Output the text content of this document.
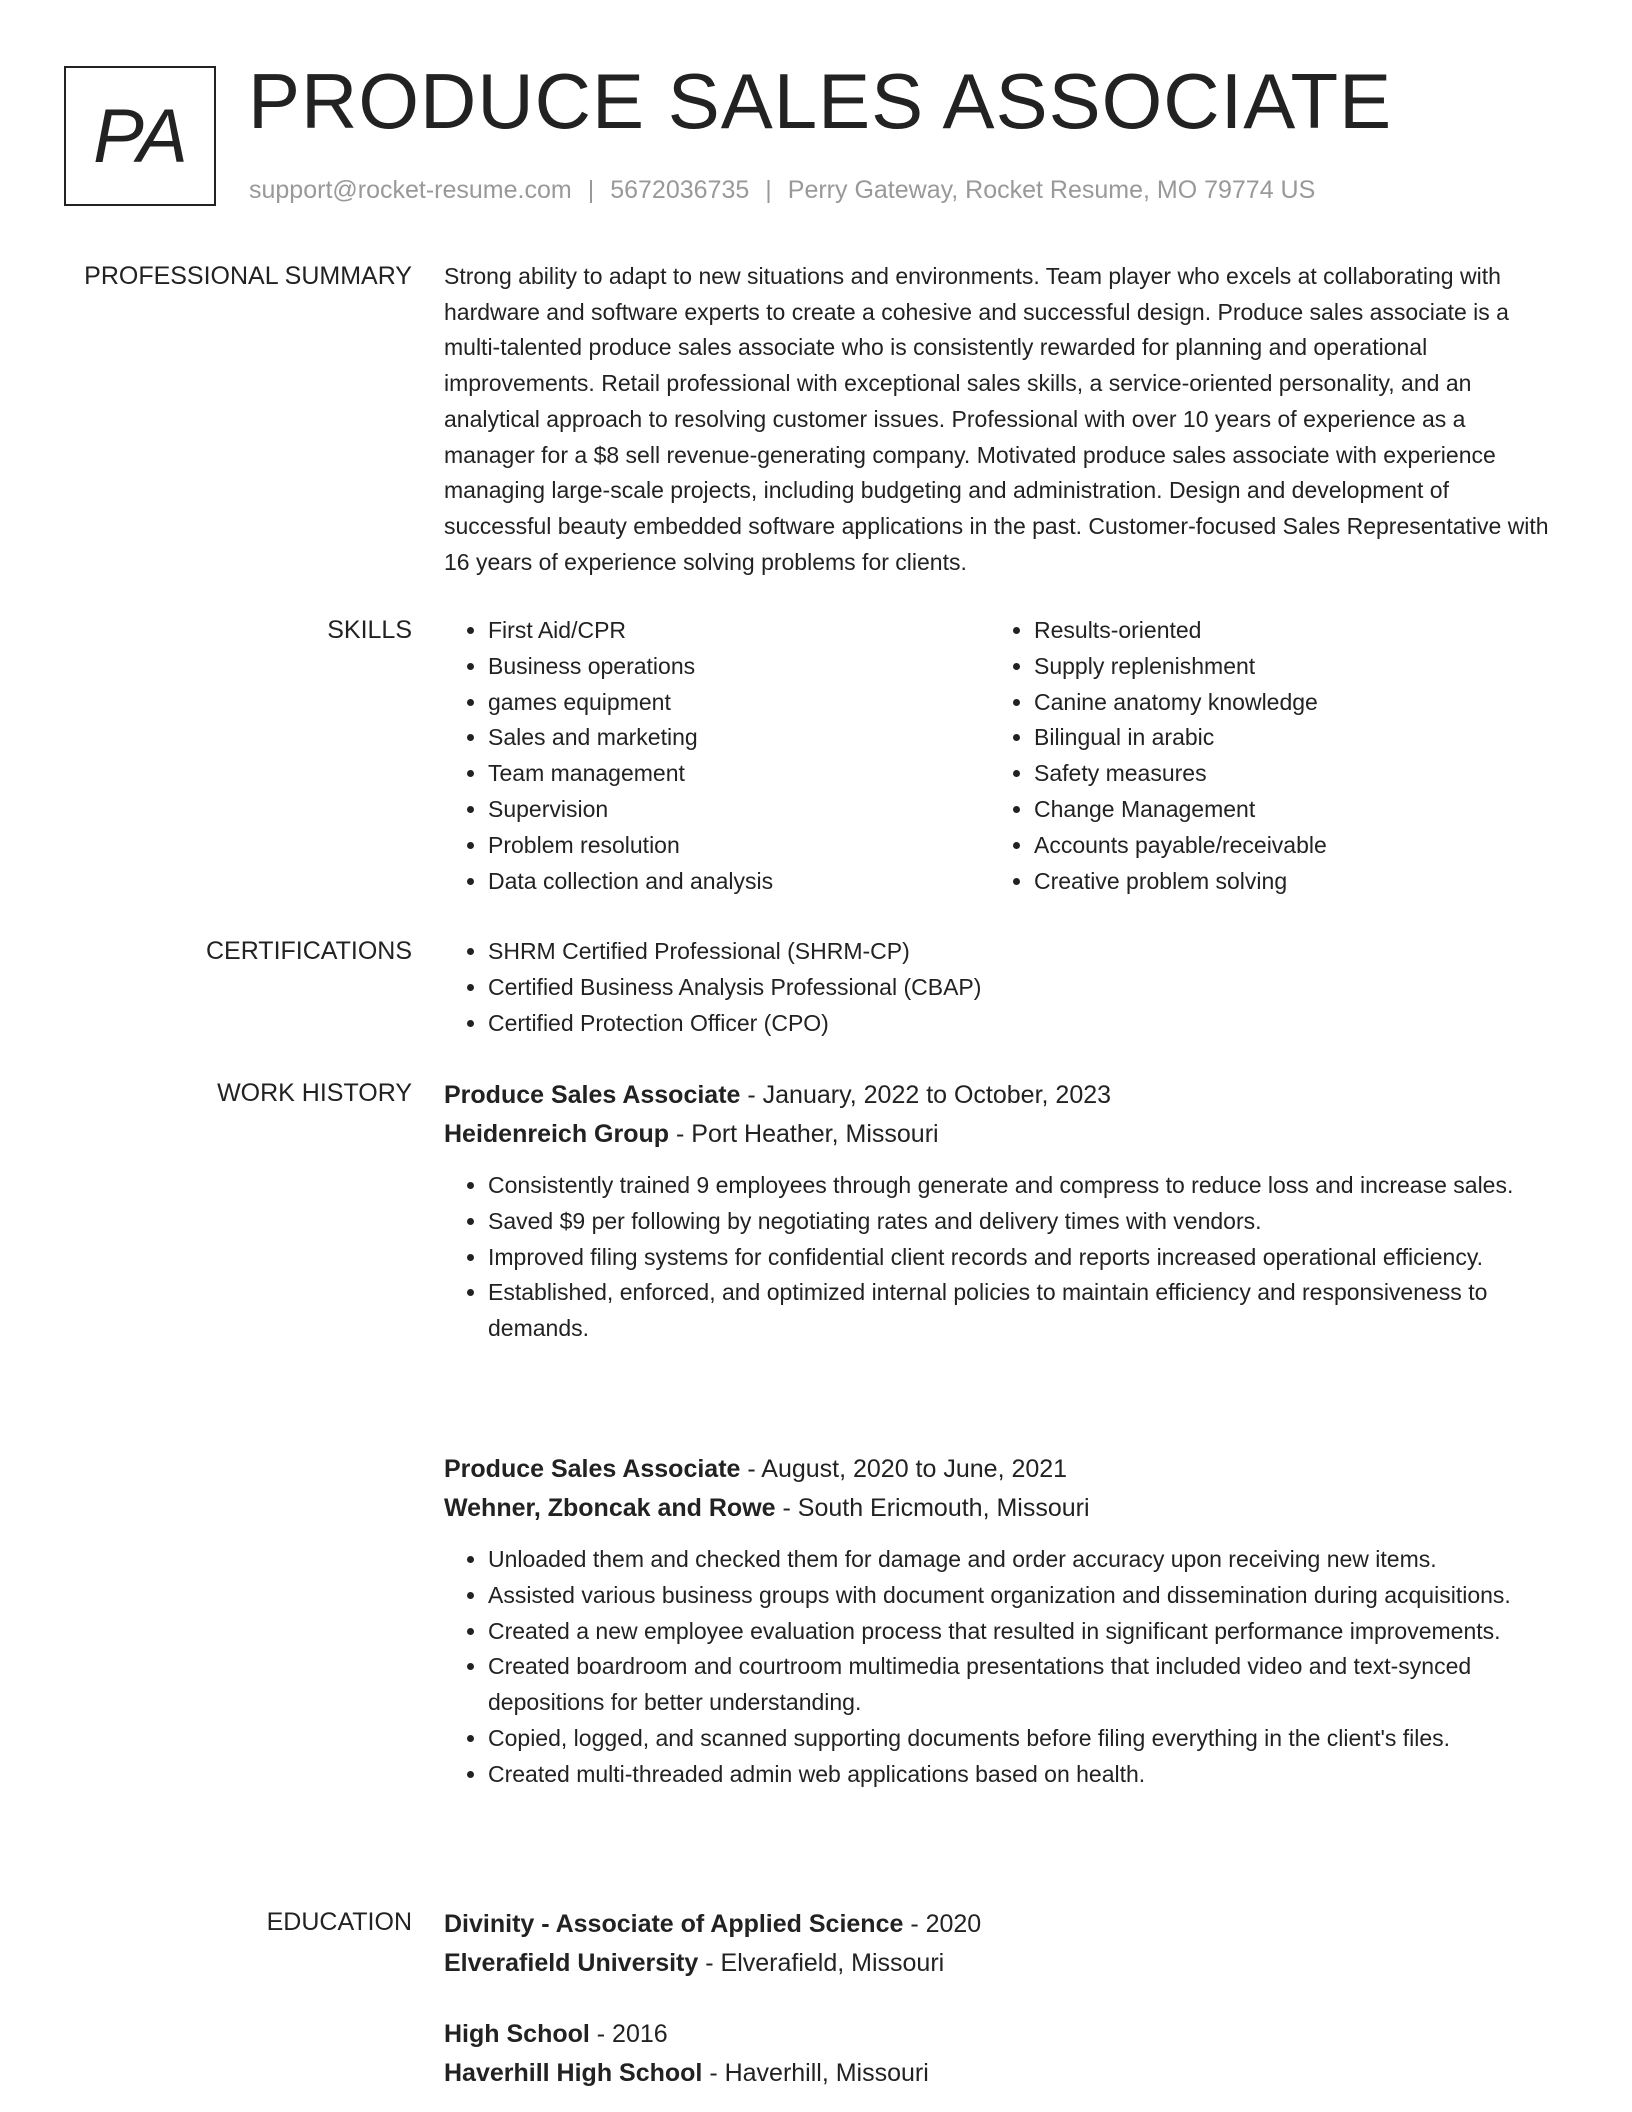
PA PRODUCE SALES ASSOCIATE
support@rocket-resume.com | 5672036735 | Perry Gateway, Rocket Resume, MO 79774 US
PROFESSIONAL SUMMARY Strong ability to adapt to new situations and environments. Team player who excels at collaborating with hardware and software experts to create a cohesive and successful design. Produce sales associate is a multi-talented produce sales associate who is consistently rewarded for planning and operational improvements. Retail professional with exceptional sales skills, a service-oriented personality, and an analytical approach to resolving customer issues. Professional with over 10 years of experience as a manager for a $8 sell revenue-generating company. Motivated produce sales associate with experience managing large-scale projects, including budgeting and administration. Design and development of successful beauty embedded software applications in the past. Customer-focused Sales Representative with 16 years of experience solving problems for clients.

SKILLS	• First Aid/CPR
• Business operations
• games equipment
• Sales and marketing
• Team management
• Supervision
• Problem resolution
• Data collection and analysis
• Results-oriented
• Supply replenishment
• Canine anatomy knowledge
• Bilingual in arabic
• Safety measures
• Change Management
• Accounts payable/receivable
• Creative problem solving
CERTIFICATIONS	• SHRM Certified Professional (SHRM-CP)
• Certified Business Analysis Professional (CBAP)
• Certified Protection Officer (CPO)
WORK HISTORY Produce Sales Associate - January, 2022 to October, 2023
Heidenreich Group - Port Heather, Missouri
• Consistently trained 9 employees through generate and compress to reduce loss and increase sales.
• Saved $9 per following by negotiating rates and delivery times with vendors.
• Improved filing systems for confidential client records and reports increased operational efficiency.
• Established, enforced, and optimized internal policies to maintain efficiency and responsiveness to demands.
Produce Sales Associate - August, 2020 to June, 2021
Wehner, Zboncak and Rowe - South Ericmouth, Missouri
• Unloaded them and checked them for damage and order accuracy upon receiving new items.
• Assisted various business groups with document organization and dissemination during acquisitions.
• Created a new employee evaluation process that resulted in significant performance improvements.
• Created boardroom and courtroom multimedia presentations that included video and text-synced depositions for better understanding.
• Copied, logged, and scanned supporting documents before filing everything in the client's files.
• Created multi-threaded admin web applications based on health.
EDUCATION Divinity - Associate of Applied Science - 2020
Elverafield University - Elverafield, Missouri
High School - 2016
Haverhill High School - Haverhill, Missouri
